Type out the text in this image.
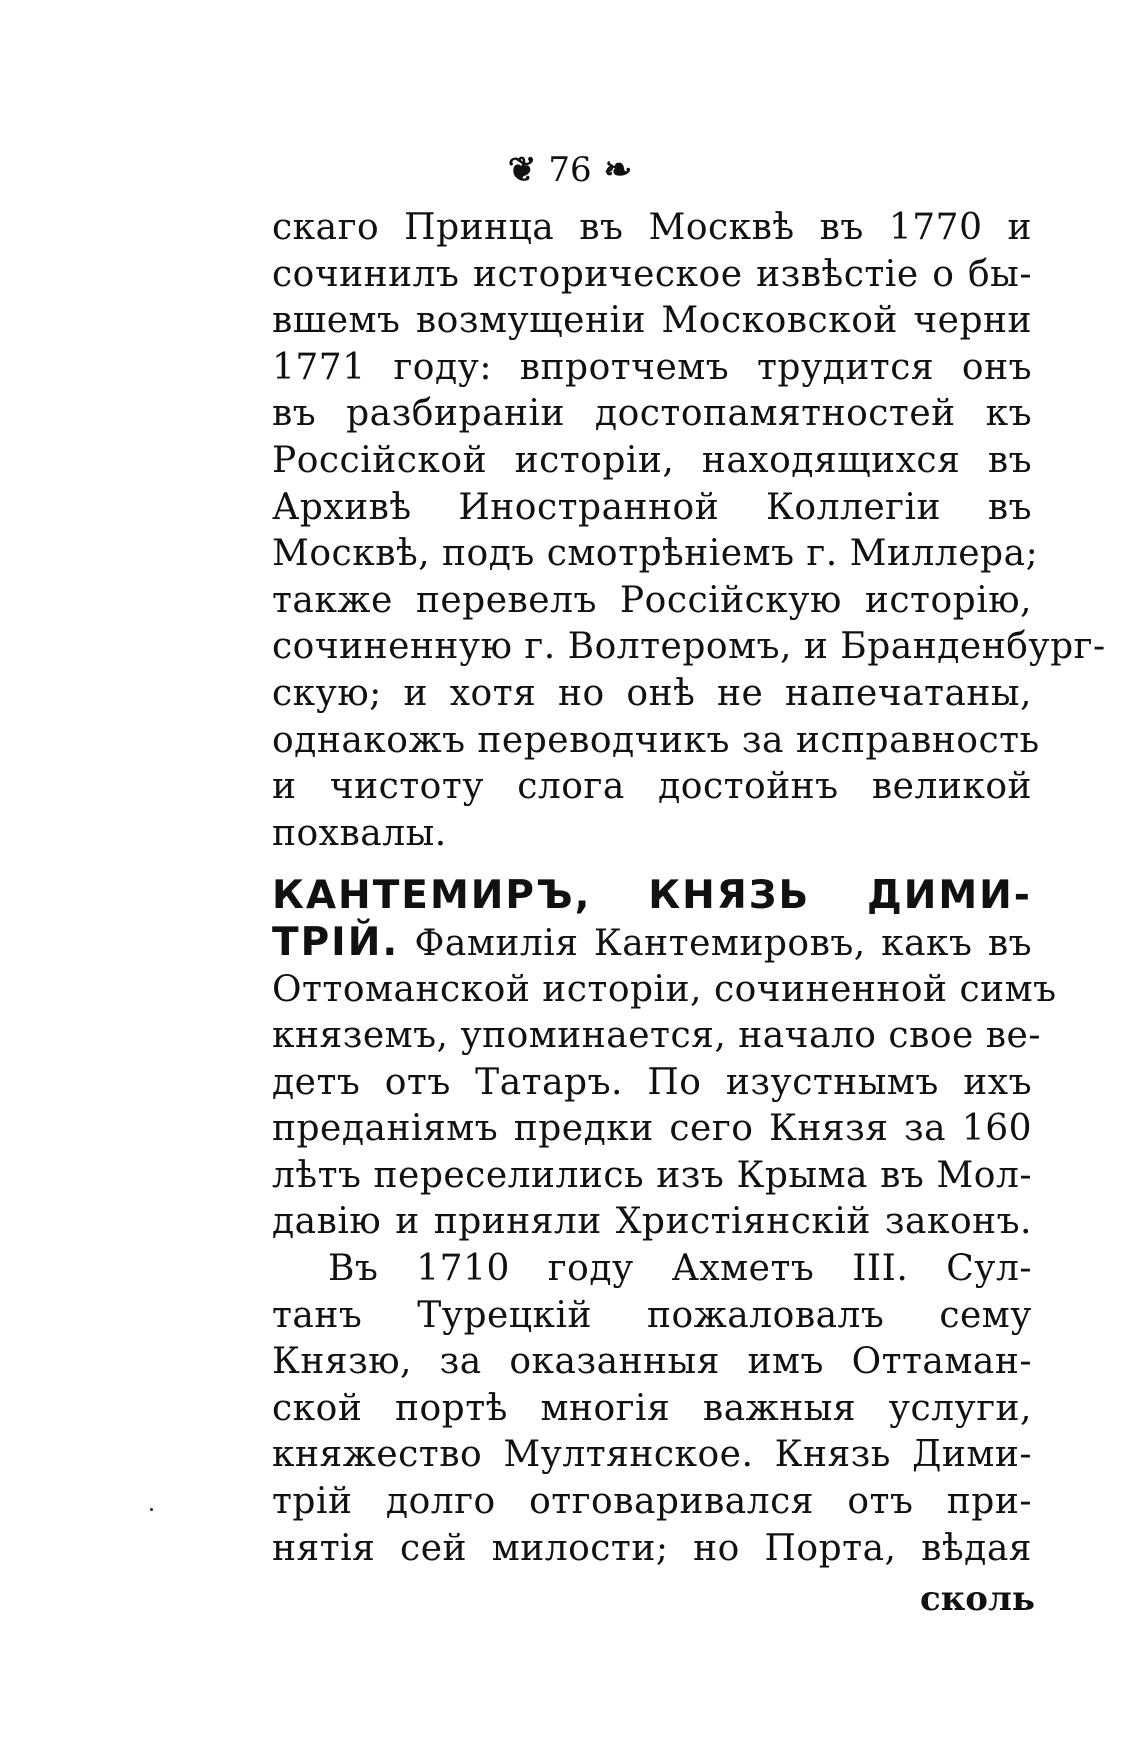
❦ 76 ❧
скаго Принца въ Москвѣ въ 1770 и
сочинилъ историческое извѣстiе о бы-
вшемъ возмущенiи Московской черни
1771 году: впротчемъ трудится онъ
въ разбиранiи достопамятностей къ
Россiйской исторiи, находящихся въ
Архивѣ Иностранной Коллегiи въ
Москвѣ, подъ смотрѣнiемъ г. Миллера;
также перевелъ Россiйскую исторiю,
сочиненную г. Волтеромъ, и Бранденбург-
скую; и хотя но онѣ не напечатаны,
однакожъ переводчикъ за исправность
и чистоту слога достойнъ великой
похвалы.
КАНТЕМИРЪ, КНЯЗЬ ДИМИ-
ТРIЙ. Фамилiя Кантемировъ, какъ въ
Оттоманской исторiи, сочиненной симъ
княземъ, упоминается, начало свое ве-
детъ отъ Татаръ. По изустнымъ ихъ
преданiямъ предки сего Князя за 160
лѣтъ переселились изъ Крыма въ Мол-
давiю и приняли Христiянскiй законъ.
Въ 1710 году Ахметъ III. Сул-
танъ Турецкiй пожаловалъ сему
Князю, за оказанныя имъ Оттаман-
ской портѣ многiя важныя услуги,
княжество Мултянское. Князь Дими-
трiй долго отговаривался отъ при-
нятiя сей милости; но Порта, вѣдая
сколь
